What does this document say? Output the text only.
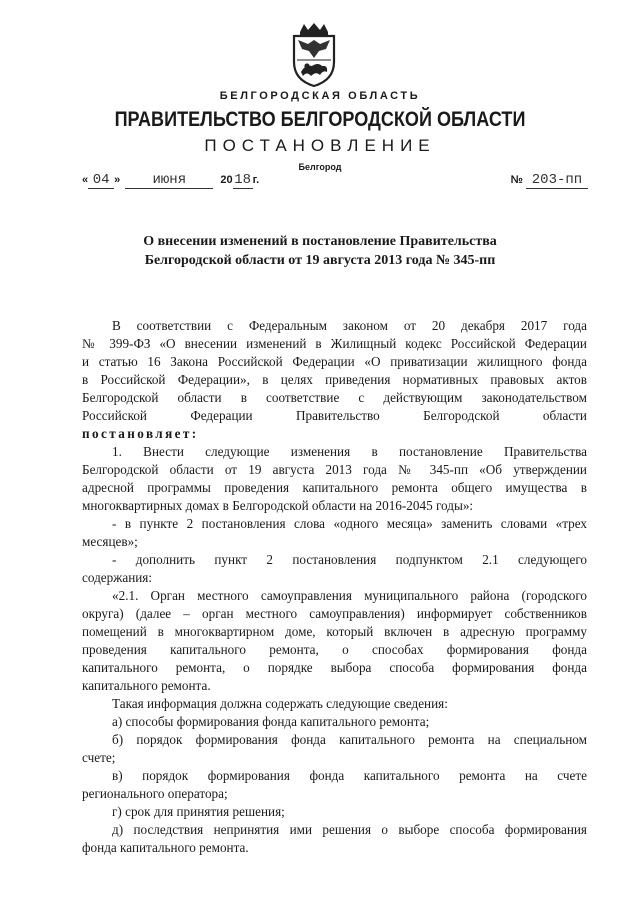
БЕЛГОРОДСКАЯ ОБЛАСТЬ
ПРАВИТЕЛЬСТВО БЕЛГОРОДСКОЙ ОБЛАСТИ
ПОСТАНОВЛЕНИЕ
Белгород
« 04 » июня	20 18 г.	№ 203-пп
О внесении изменений в постановление Правительства
Белгородской области от 19 августа 2013 года № 345-пп

В соответствии с Федеральным законом от 20 декабря 2017 года

№ 399-ФЗ «О внесении изменений в Жилищный кодекс Российской Федерации

и статью 16 Закона Российской Федерации «О приватизации жилищного фонда

в Российской Федерации», в целях приведения нормативных правовых актов

Белгородской области в соответствие с действующим законодательством

Российской Федерации Правительство Белгородской области

постановляет:

1. Внести следующие изменения в постановление Правительства

Белгородской области от 19 августа 2013 года № 345-пп «Об утверждении

адресной программы проведения капитального ремонта общего имущества в

многоквартирных домах в Белгородской области на 2016-2045 годы»:

- в пункте 2 постановления слова «одного месяца» заменить словами «трех

месяцев»;

- дополнить пункт 2 постановления подпунктом 2.1 следующего

содержания:

«2.1. Орган местного самоуправления муниципального района (городского

округа) (далее – орган местного самоуправления) информирует собственников

помещений в многоквартирном доме, который включен в адресную программу

проведения капитального ремонта, о способах формирования фонда

капитального ремонта, о порядке выбора способа формирования фонда

капитального ремонта.

Такая информация должна содержать следующие сведения:

а) способы формирования фонда капитального ремонта;

б) порядок формирования фонда капитального ремонта на специальном

счете;

в) порядок формирования фонда капитального ремонта на счете

регионального оператора;

г) срок для принятия решения;

д) последствия непринятия ими решения о выборе способа формирования

фонда капитального ремонта.
